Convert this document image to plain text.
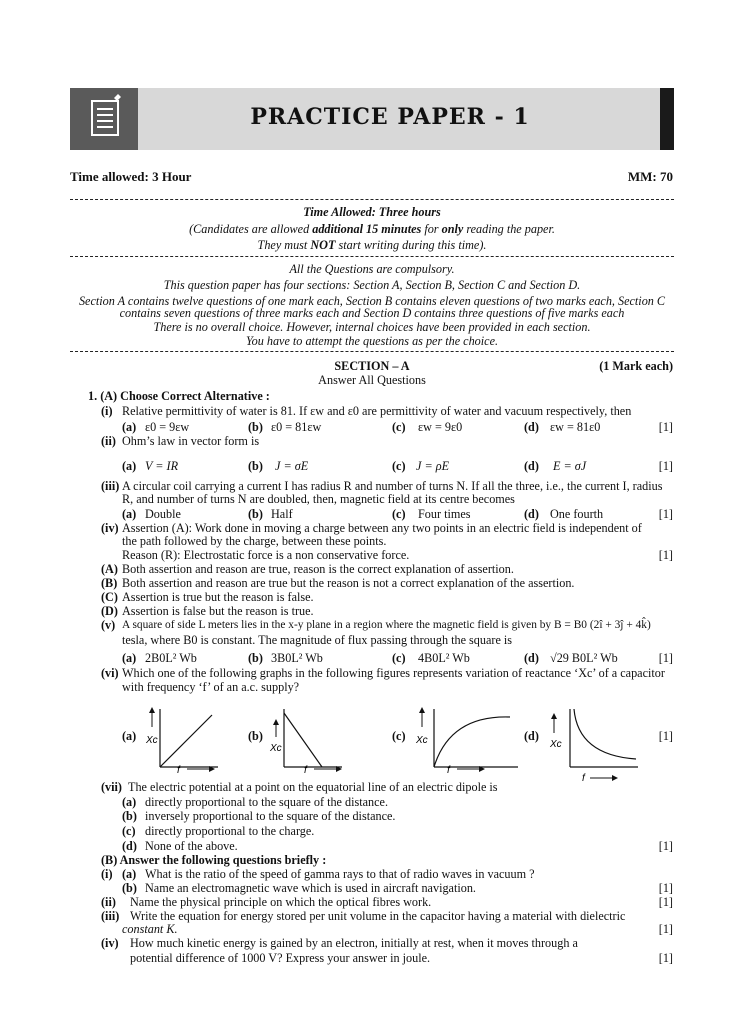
PRACTICE PAPER - 1
Time allowed: 3 Hour	MM: 70
Time Allowed: Three hours
(Candidates are allowed additional 15 minutes for only reading the paper.
They must NOT start writing during this time).
All the Questions are compulsory.
This question paper has four sections: Section A, Section B, Section C and Section D.
Section A contains twelve questions of one mark each, Section B contains eleven questions of two marks each, Section C
contains seven questions of three marks each and Section D contains three questions of five marks each
There is no overall choice. However, internal choices have been provided in each section.
You have to attempt the questions as per the choice.
SECTION – A	(1 Mark each)
Answer All Questions
1. (A) Choose Correct Alternative :
(i) Relative permittivity of water is 81. If εw and ε0 are permittivity of water and vacuum respectively, then
(a) ε0 = 9εw	(b) ε0 = 81εw	(c) εw = 9ε0	(d) εw = 81ε0	[1]
(ii) Ohm’s law in vector form is
(a) V = IR	(b) J = σE	(c) J = ρE	(d) E = σJ	[1]
(iii) A circular coil carrying a current I has radius R and number of turns N. If all the three, i.e., the current I, radius
R, and number of turns N are doubled, then, magnetic field at its centre becomes
(a) Double	(b) Half	(c) Four times	(d) One fourth	[1]
(iv) Assertion (A): Work done in moving a charge between any two points in an electric field is independent of
the path followed by the charge, between these points.
Reason (R): Electrostatic force is a non conservative force.	[1]
(A) Both assertion and reason are true, reason is the correct explanation of assertion.
(B) Both assertion and reason are true but the reason is not a correct explanation of the assertion.
(C) Assertion is true but the reason is false.
(D) Assertion is false but the reason is true.
(v) A square of side L meters lies in the x-y plane in a region where the magnetic field is given by B = B0 (2î + 3ĵ + 4k̂)
tesla, where B0 is constant. The magnitude of flux passing through the square is
(a) 2B0L² Wb	(b) 3B0L² Wb	(c) 4B0L² Wb	(d) √29 B0L² Wb	[1]
(vi) Which one of the following graphs in the following figures represents variation of reactance ‘Xc’ of a capacitor
with frequency ‘f’ of an a.c. supply?
(a) Xc	(b)
Xc
(c) Xc	(d)
Xc
f
[1]
f	f	f
(vii) The electric potential at a point on the equatorial line of an electric dipole is
(a) directly proportional to the square of the distance.
(b) inversely proportional to the square of the distance.
(c) directly proportional to the charge.
(d) None of the above.	[1]
(B) Answer the following questions briefly :
(i) (a) What is the ratio of the speed of gamma rays to that of radio waves in vacuum ?
(b) Name an electromagnetic wave which is used in aircraft navigation.	[1]
(ii) Name the physical principle on which the optical fibres work.	[1]
(iii) Write the equation for energy stored per unit volume in the capacitor having a material with dielectric
constant K.	[1]
(iv) How much kinetic energy is gained by an electron, initially at rest, when it moves through a
potential difference of 1000 V? Express your answer in joule.	[1]
